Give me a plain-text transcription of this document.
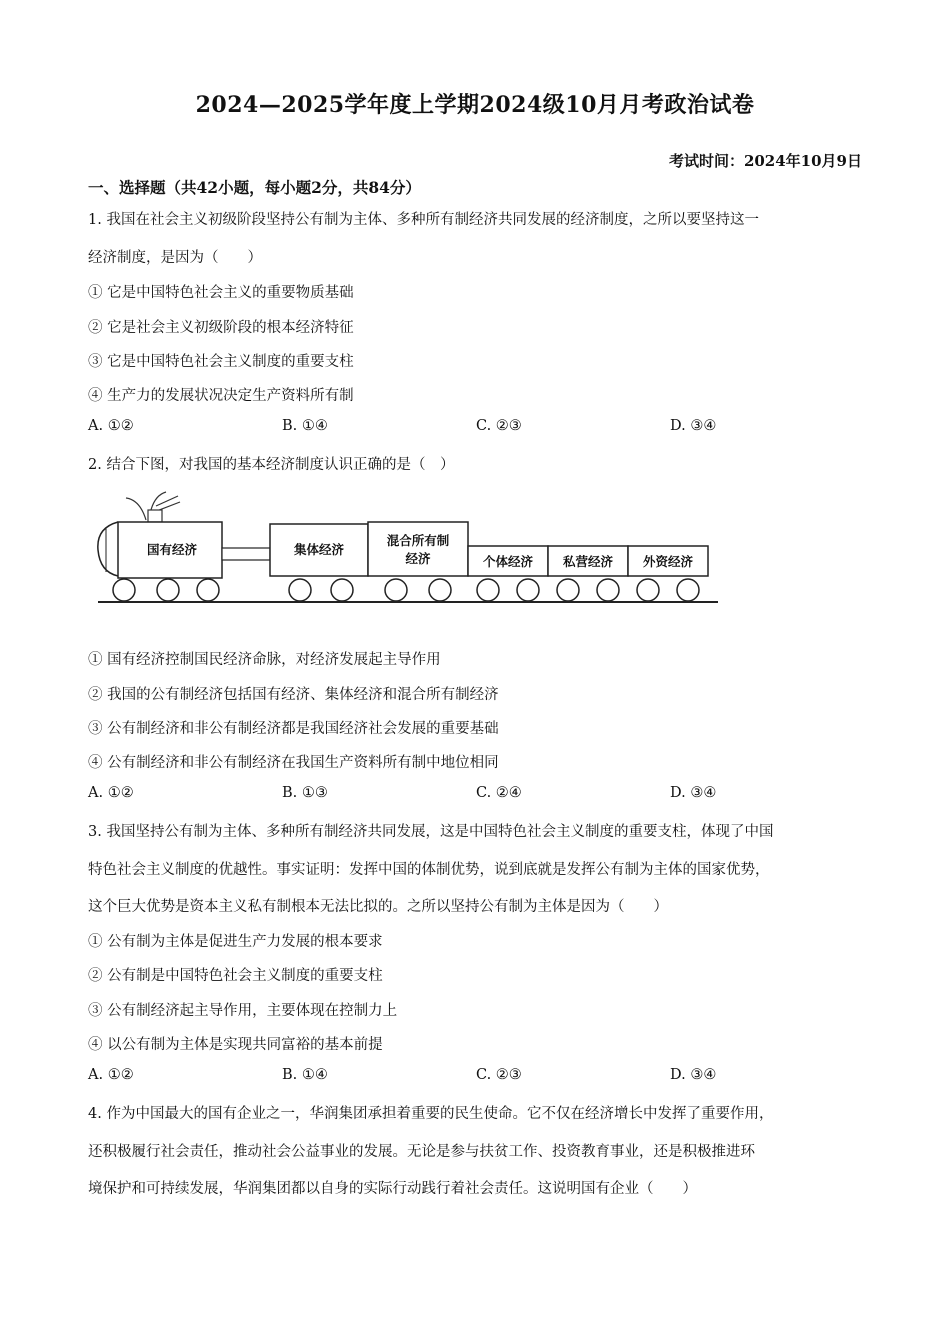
2024—2025学年度上学期2024级10月月考政治试卷
考试时间：2024年10月9日
一、选择题（共42小题，每小题2分，共84分）
1. 我国在社会主义初级阶段坚持公有制为主体、多种所有制经济共同发展的经济制度，之所以要坚持这一
经济制度，是因为（　　）
① 它是中国特色社会主义的重要物质基础
② 它是社会主义初级阶段的根本经济特征
③ 它是中国特色社会主义制度的重要支柱
④ 生产力的发展状况决定生产资料所有制
A. ①②	B. ①④	C. ②③	D. ③④
2. 结合下图，对我国的基本经济制度认识正确的是（　）
国有经济	集体经济
混合所有制
经济	个体经济 私营经济 外资经济
① 国有经济控制国民经济命脉，对经济发展起主导作用
② 我国的公有制经济包括国有经济、集体经济和混合所有制经济
③ 公有制经济和非公有制经济都是我国经济社会发展的重要基础
④ 公有制经济和非公有制经济在我国生产资料所有制中地位相同
A. ①②	B. ①③	C. ②④	D. ③④
3. 我国坚持公有制为主体、多种所有制经济共同发展，这是中国特色社会主义制度的重要支柱，体现了中国
特色社会主义制度的优越性。事实证明：发挥中国的体制优势，说到底就是发挥公有制为主体的国家优势，
这个巨大优势是资本主义私有制根本无法比拟的。之所以坚持公有制为主体是因为（　　）
① 公有制为主体是促进生产力发展的根本要求
② 公有制是中国特色社会主义制度的重要支柱
③ 公有制经济起主导作用，主要体现在控制力上
④ 以公有制为主体是实现共同富裕的基本前提
A. ①②	B. ①④	C. ②③	D. ③④
4. 作为中国最大的国有企业之一，华润集团承担着重要的民生使命。它不仅在经济增长中发挥了重要作用，
还积极履行社会责任，推动社会公益事业的发展。无论是参与扶贫工作、投资教育事业，还是积极推进环
境保护和可持续发展，华润集团都以自身的实际行动践行着社会责任。这说明国有企业（　　）
